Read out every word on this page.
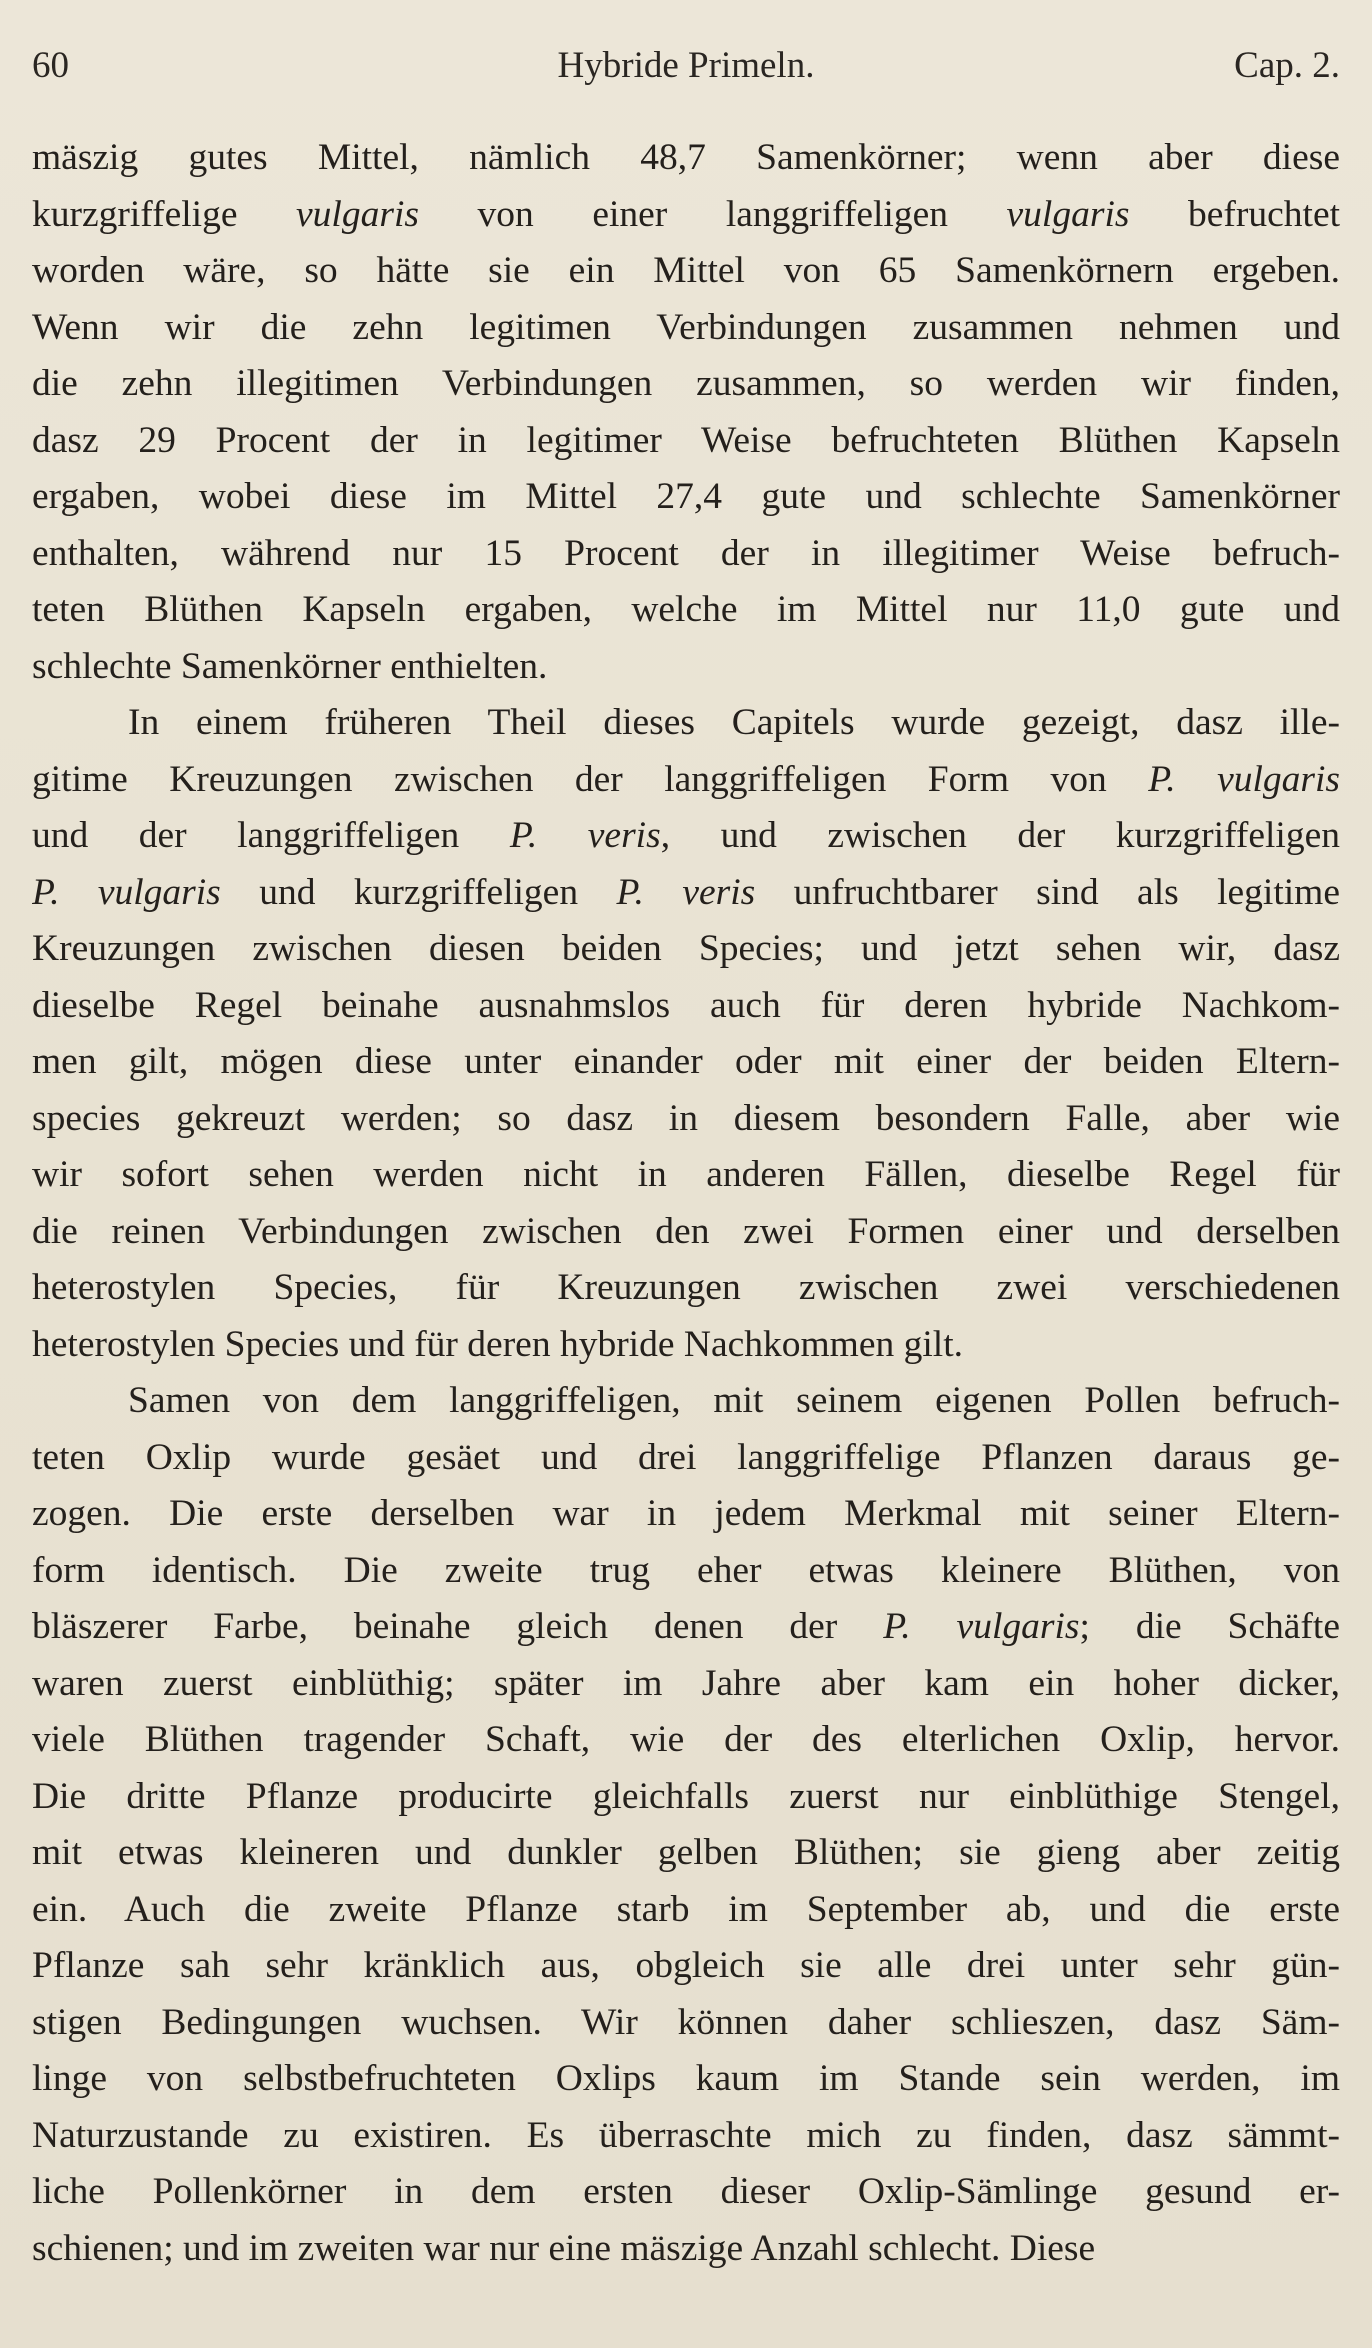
60	Hybride Primeln.	Cap. 2.
mäszig gutes Mittel, nämlich 48,7 Samenkörner; wenn aber diese
kurzgriffelige vulgaris von einer langgriffeligen vulgaris befruchtet
worden wäre, so hätte sie ein Mittel von 65 Samenkörnern ergeben.
Wenn wir die zehn legitimen Verbindungen zusammen nehmen und
die zehn illegitimen Verbindungen zusammen, so werden wir finden,
dasz 29 Procent der in legitimer Weise befruchteten Blüthen Kapseln
ergaben, wobei diese im Mittel 27,4 gute und schlechte Samenkörner
enthalten, während nur 15 Procent der in illegitimer Weise befruch-
teten Blüthen Kapseln ergaben, welche im Mittel nur 11,0 gute und
schlechte Samenkörner enthielten.
In einem früheren Theil dieses Capitels wurde gezeigt, dasz ille-
gitime Kreuzungen zwischen der langgriffeligen Form von P. vulgaris
und der langgriffeligen P. veris, und zwischen der kurzgriffeligen
P. vulgaris und kurzgriffeligen P. veris unfruchtbarer sind als legitime
Kreuzungen zwischen diesen beiden Species; und jetzt sehen wir, dasz
dieselbe Regel beinahe ausnahmslos auch für deren hybride Nachkom-
men gilt, mögen diese unter einander oder mit einer der beiden Eltern-
species gekreuzt werden; so dasz in diesem besondern Falle, aber wie
wir sofort sehen werden nicht in anderen Fällen, dieselbe Regel für
die reinen Verbindungen zwischen den zwei Formen einer und derselben
heterostylen Species, für Kreuzungen zwischen zwei verschiedenen
heterostylen Species und für deren hybride Nachkommen gilt.
Samen von dem langgriffeligen, mit seinem eigenen Pollen befruch-
teten Oxlip wurde gesäet und drei langgriffelige Pflanzen daraus ge-
zogen. Die erste derselben war in jedem Merkmal mit seiner Eltern-
form identisch. Die zweite trug eher etwas kleinere Blüthen, von
bläszerer Farbe, beinahe gleich denen der P. vulgaris; die Schäfte
waren zuerst einblüthig; später im Jahre aber kam ein hoher dicker,
viele Blüthen tragender Schaft, wie der des elterlichen Oxlip, hervor.
Die dritte Pflanze producirte gleichfalls zuerst nur einblüthige Stengel,
mit etwas kleineren und dunkler gelben Blüthen; sie gieng aber zeitig
ein. Auch die zweite Pflanze starb im September ab, und die erste
Pflanze sah sehr kränklich aus, obgleich sie alle drei unter sehr gün-
stigen Bedingungen wuchsen. Wir können daher schlieszen, dasz Säm-
linge von selbstbefruchteten Oxlips kaum im Stande sein werden, im
Naturzustande zu existiren. Es überraschte mich zu finden, dasz sämmt-
liche Pollenkörner in dem ersten dieser Oxlip-Sämlinge gesund er-
schienen; und im zweiten war nur eine mäszige Anzahl schlecht. Diese
